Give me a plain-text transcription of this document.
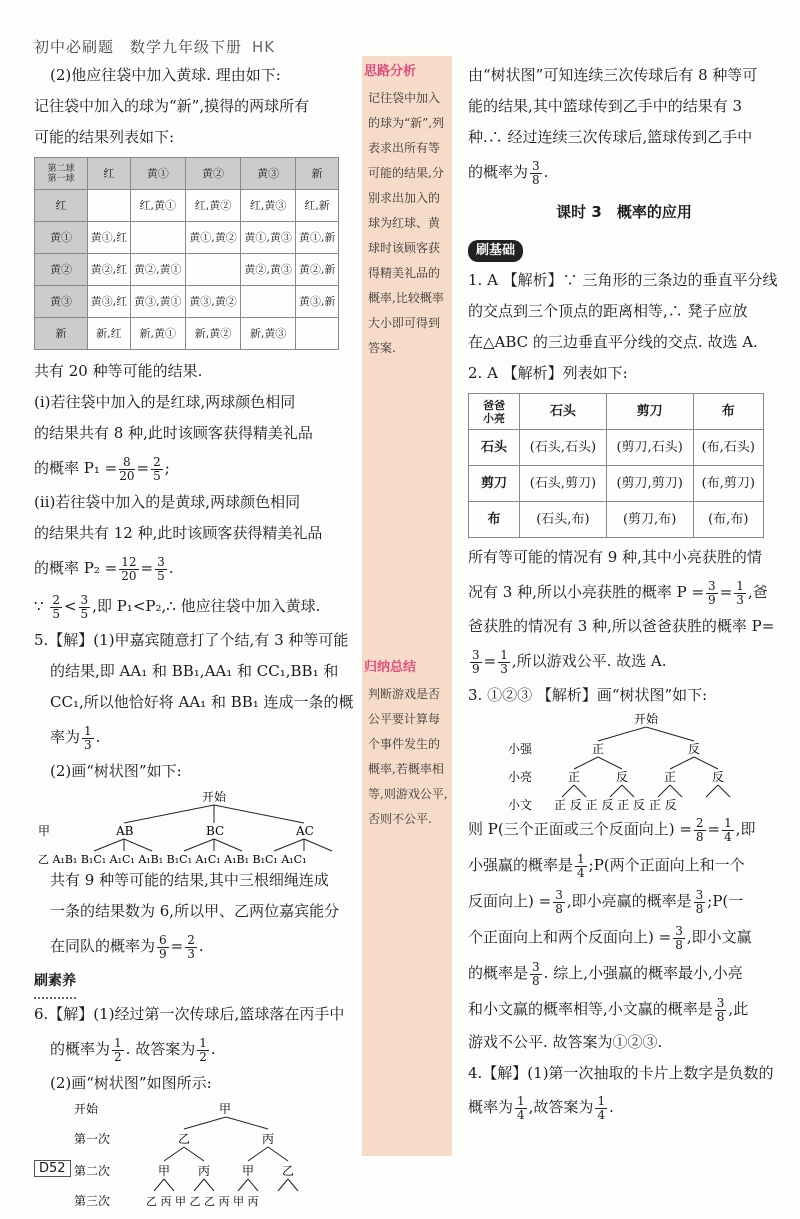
初中必刷题　数学九年级下册 HK

(2)他应往袋中加入黄球. 理由如下:

记往袋中加入的球为“新”,摸得的两球所有

可能的结果列表如下:

第二球
第一球	红	黄①	黄②	黄③	新
红		红,黄①	红,黄②	红,黄③	红,新
黄①	黄①,红		黄①,黄②	黄①,黄③	黄①,新
黄②	黄②,红	黄②,黄①		黄②,黄③	黄②,新
黄③	黄③,红	黄③,黄①	黄③,黄②		黄③,新
新	新,红	新,黄①	新,黄②	新,黄③	

共有 20 种等可能的结果.

(ⅰ)若往袋中加入的是红球,两球颜色相同

的结果共有 8 种,此时该顾客获得精美礼品

的概率 $P_1 = \frac{8}{20} = \frac{2}{5}$ ;

(ⅱ)若往袋中加入的是黄球,两球颜色相同

的结果共有 12 种,此时该顾客获得精美礼品

的概率 $P_2 = \frac{12}{20} = \frac{3}{5}$ .

∵ $\frac{2}{5} < \frac{3}{5}$ ,即 P₁<P₂,∴ 他应往袋中加入黄球.

5.【解】(1)甲嘉宾随意打了个结,有 3 种等可能

的结果,即 AA₁ 和 BB₁,AA₁ 和 CC₁,BB₁ 和

CC₁,所以他恰好将 AA₁ 和 BB₁ 连成一条的概

率为 $\frac{1}{3}$ .

(2)画“树状图”如下:

开始
甲	AB	BC	AC
乙 A₁B₁ B₁C₁ A₁C₁ A₁B₁ B₁C₁ A₁C₁ A₁B₁ B₁C₁ A₁C₁

共有 9 种等可能的结果,其中三根细绳连成

一条的结果数为 6,所以甲、乙两位嘉宾能分

在同队的概率为 $\frac{6}{9} = \frac{2}{3}$ .

刷素养

6.【解】(1)经过第一次传球后,篮球落在丙手中

的概率为 $\frac{1}{2}$ . 故答案为 $\frac{1}{2}$ .

(2)画“树状图”如图所示:

开始	甲
第一次	乙	丙
第二次	甲 丙	甲 乙
第三次	乙 丙 甲 乙 乙 丙 甲 丙
思路分析
记往袋中加入的球为“新”,列表求出所有等可能的结果,分别求出加入的球为红球、黄球时该顾客获得精美礼品的概率,比较概率大小即可得到答案.
归纳总结
判断游戏是否公平要计算每个事件发生的概率,若概率相等,则游戏公平,否则不公平.

由“树状图”可知连续三次传球后有 8 种等可

能的结果,其中篮球传到乙手中的结果有 3

种.∴ 经过连续三次传球后,篮球传到乙手中

的概率为 $\frac{3}{8}$ .

课时 3　概率的应用

刷基础

1. A 【解析】∵ 三角形的三条边的垂直平分线

的交点到三个顶点的距离相等,∴ 凳子应放

在△ABC 的三边垂直平分线的交点. 故选 A.

2. A 【解析】列表如下:

爸爸
小亮	石头	剪刀	布
石头	(石头,石头)	(剪刀,石头)	(布,石头)
剪刀	(石头,剪刀)	(剪刀,剪刀)	(布,剪刀)
布	(石头,布)	(剪刀,布)	(布,布)

所有等可能的情况有 9 种,其中小亮获胜的情

况有 3 种,所以小亮获胜的概率 $P = \frac{3}{9} = \frac{1}{3}$ ,爸

爸获胜的情况有 3 种,所以爸爸获胜的概率 P=

$\frac{3}{9} = \frac{1}{3}$ ,所以游戏公平. 故选 A.

3. ①②③ 【解析】画“树状图”如下:

开始
小强	正	反
小亮	正	反	正	反
小文 正 反 正 反 正 反 正 反

则 P(三个正面或三个反面向上) = $\frac{2}{8} = \frac{1}{4}$ ,即

小强赢的概率是 $\frac{1}{4}$ ;P(两个正面向上和一个

反面向上) = $\frac{3}{8}$ ,即小亮赢的概率是 $\frac{3}{8}$ ;P(一

个正面向上和两个反面向上) = $\frac{3}{8}$ ,即小文赢

的概率是 $\frac{3}{8}$ . 综上,小强赢的概率最小,小亮

和小文赢的概率相等,小文赢的概率是 $\frac{3}{8}$ ,此

游戏不公平. 故答案为①②③.

4.【解】(1)第一次抽取的卡片上数字是负数的

概率为 $\frac{1}{4}$ ,故答案为 $\frac{1}{4}$ .

D52
